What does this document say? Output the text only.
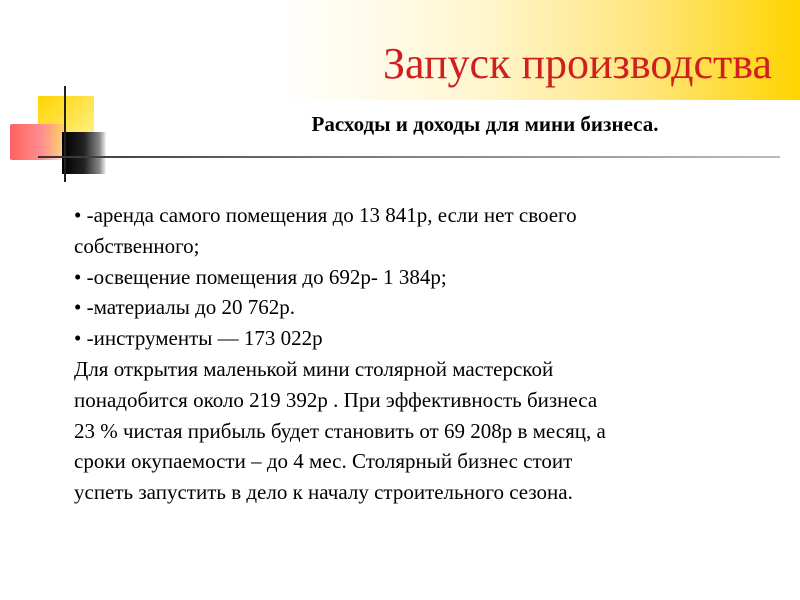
Запуск производства
Расходы и доходы для мини бизнеса.
• -аренда самого помещения до 13 841р, если нет своего
собственного;
• -освещение помещения до 692р- 1 384р;
• -материалы до 20 762р.
• -инструменты — 173 022р
Для открытия маленькой мини столярной мастерской
понадобится около 219 392р . При эффективность бизнеса
23 % чистая прибыль будет становить от 69 208р в месяц, а
сроки окупаемости – до 4 мес. Столярный бизнес стоит
успеть запустить в дело к началу строительного сезона.
